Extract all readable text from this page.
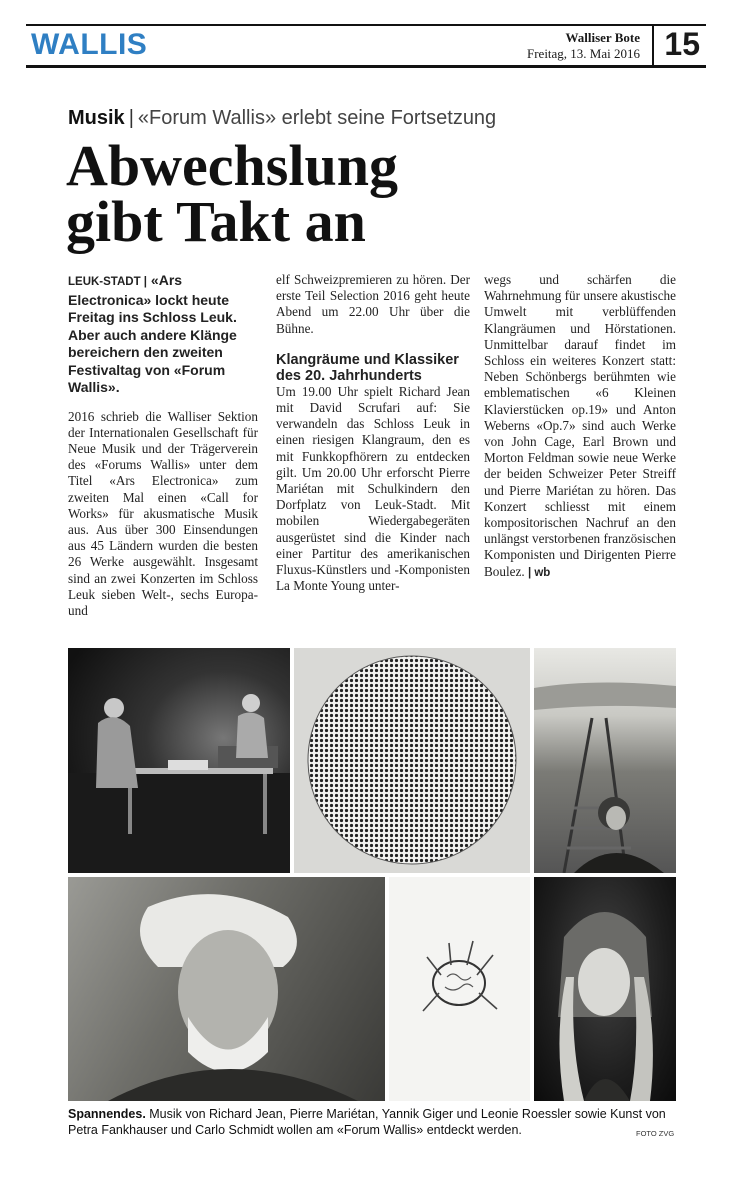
WALLIS	Walliser Bote
Freitag, 13. Mai 2016 15
Musik | «Forum Wallis» erlebt seine Fortsetzung
Abwechslung
gibt Takt an

LEUK-STADT | «Ars Electronica» lockt heute Freitag ins Schloss Leuk. Aber auch andere Klänge bereichern den zweiten Festivaltag von «Forum Wallis».

2016 schrieb die Walliser Sektion der Internationalen Gesellschaft für Neue Musik und der Trägerverein des «Forums Wallis» unter dem Titel «Ars Electronica» zum zweiten Mal einen «Call for Works» für akusmatische Musik aus. Aus über 300 Einsendungen aus 45 Ländern wurden die besten 26 Werke ausgewählt. Insgesamt sind an zwei Konzerten im Schloss Leuk sieben Welt-, sechs Europa- und

elf Schweizpremieren zu hören. Der erste Teil Selection 2016 geht heute Abend um 22.00 Uhr über die Bühne.

Klangräume und Klassiker des 20. Jahrhunderts

Um 19.00 Uhr spielt Richard Jean mit David Scrufari auf: Sie verwandeln das Schloss Leuk in einen riesigen Klangraum, den es mit Funkkopfhörern zu entdecken gilt. Um 20.00 Uhr erforscht Pierre Mariétan mit Schulkindern den Dorfplatz von Leuk-Stadt. Mit mobilen Wiedergabegeräten ausgerüstet sind die Kinder nach einer Partitur des amerikanischen Fluxus-Künstlers und -Komponisten La Monte Young unter-

wegs und schärfen die Wahrnehmung für unsere akustische Umwelt mit verblüffenden Klangräumen und Hörstationen. Unmittelbar darauf findet im Schloss ein weiteres Konzert statt: Neben Schönbergs berühmten wie emblematischen «6 Kleinen Klavierstücken op.19» und Anton Weberns «Op.7» sind auch Werke von John Cage, Earl Brown und Morton Feldman sowie neue Werke der beiden Schweizer Peter Streiff und Pierre Mariétan zu hören. Das Konzert schliesst mit einem kompositorischen Nachruf an den unlängst verstorbenen französischen Komponisten und Dirigenten Pierre Boulez. | wb

Spannendes. Musik von Richard Jean, Pierre Mariétan, Yannik Giger und Leonie Roessler sowie Kunst von Petra Fankhauser und Carlo Schmidt wollen am «Forum Wallis» entdeckt werden.	FOTO ZVG
